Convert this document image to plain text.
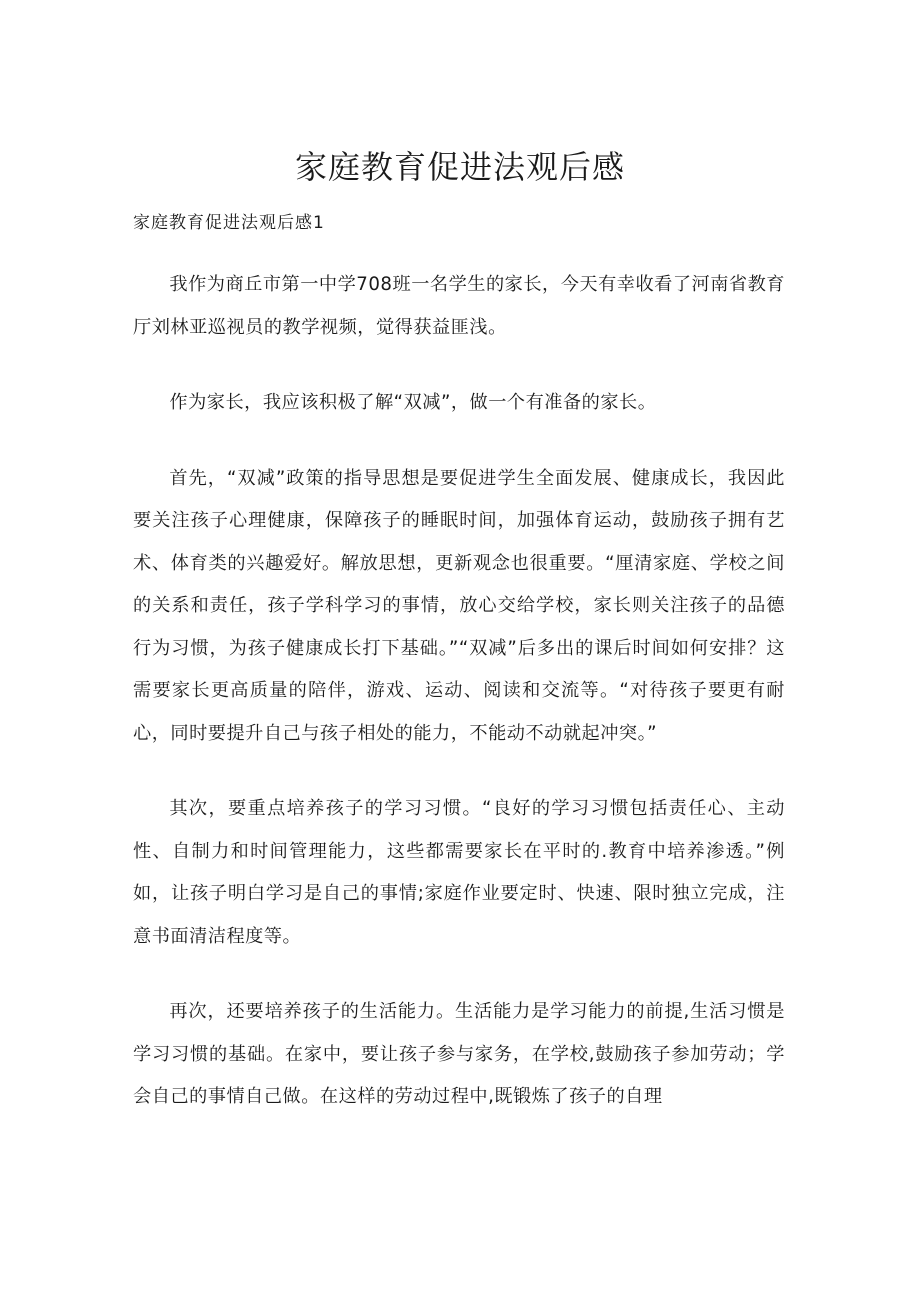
家庭教育促进法观后感

家庭教育促进法观后感1

我作为商丘市第一中学708班一名学生的家长，今天有幸收看了河南省教育厅刘林亚巡视员的教学视频，觉得获益匪浅。

作为家长，我应该积极了解“双减”，做一个有准备的家长。

首先，“双减”政策的指导思想是要促进学生全面发展、健康成长，我因此要关注孩子心理健康，保障孩子的睡眠时间，加强体育运动，鼓励孩子拥有艺术、体育类的兴趣爱好。解放思想，更新观念也很重要。“厘清家庭、学校之间的关系和责任，孩子学科学习的事情，放心交给学校，家长则关注孩子的品德行为习惯，为孩子健康成长打下基础。”“双减”后多出的课后时间如何安排？这需要家长更高质量的陪伴，游戏、运动、阅读和交流等。“对待孩子要更有耐心，同时要提升自己与孩子相处的能力，不能动不动就起冲突。”

其次，要重点培养孩子的学习习惯。“良好的学习习惯包括责任心、主动性、自制力和时间管理能力，这些都需要家长在平时的.教育中培养渗透。”例如，让孩子明白学习是自己的事情;家庭作业要定时、快速、限时独立完成，注意书面清洁程度等。

再次，还要培养孩子的生活能力。生活能力是学习能力的前提,生活习惯是学习习惯的基础。在家中，要让孩子参与家务，在学校,鼓励孩子参加劳动；学会自己的事情自己做。在这样的劳动过程中,既锻炼了孩子的自理
